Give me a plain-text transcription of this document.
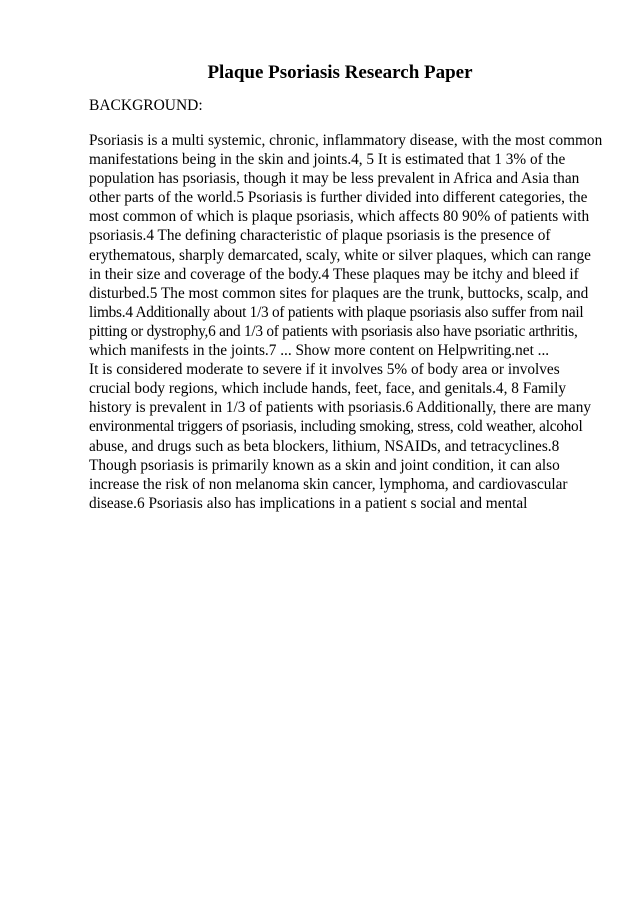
Plaque Psoriasis Research Paper

BACKGROUND:

Psoriasis is a multi systemic, chronic, inflammatory disease, with the most common
manifestations being in the skin and joints.4, 5 It is estimated that 1 3% of the
population has psoriasis, though it may be less prevalent in Africa and Asia than
other parts of the world.5 Psoriasis is further divided into different categories, the
most common of which is plaque psoriasis, which affects 80 90% of patients with
psoriasis.4 The defining characteristic of plaque psoriasis is the presence of
erythematous, sharply demarcated, scaly, white or silver plaques, which can range
in their size and coverage of the body.4 These plaques may be itchy and bleed if
disturbed.5 The most common sites for plaques are the trunk, buttocks, scalp, and
limbs.4 Additionally about 1/3 of patients with plaque psoriasis also suffer from nail
pitting or dystrophy,6 and 1/3 of patients with psoriasis also have psoriatic arthritis,
which manifests in the joints.7 ... Show more content on Helpwriting.net ...
It is considered moderate to severe if it involves 5% of body area or involves
crucial body regions, which include hands, feet, face, and genitals.4, 8 Family
history is prevalent in 1/3 of patients with psoriasis.6 Additionally, there are many
environmental triggers of psoriasis, including smoking, stress, cold weather, alcohol
abuse, and drugs such as beta blockers, lithium, NSAIDs, and tetracyclines.8
Though psoriasis is primarily known as a skin and joint condition, it can also
increase the risk of non melanoma skin cancer, lymphoma, and cardiovascular
disease.6 Psoriasis also has implications in a patient s social and mental
